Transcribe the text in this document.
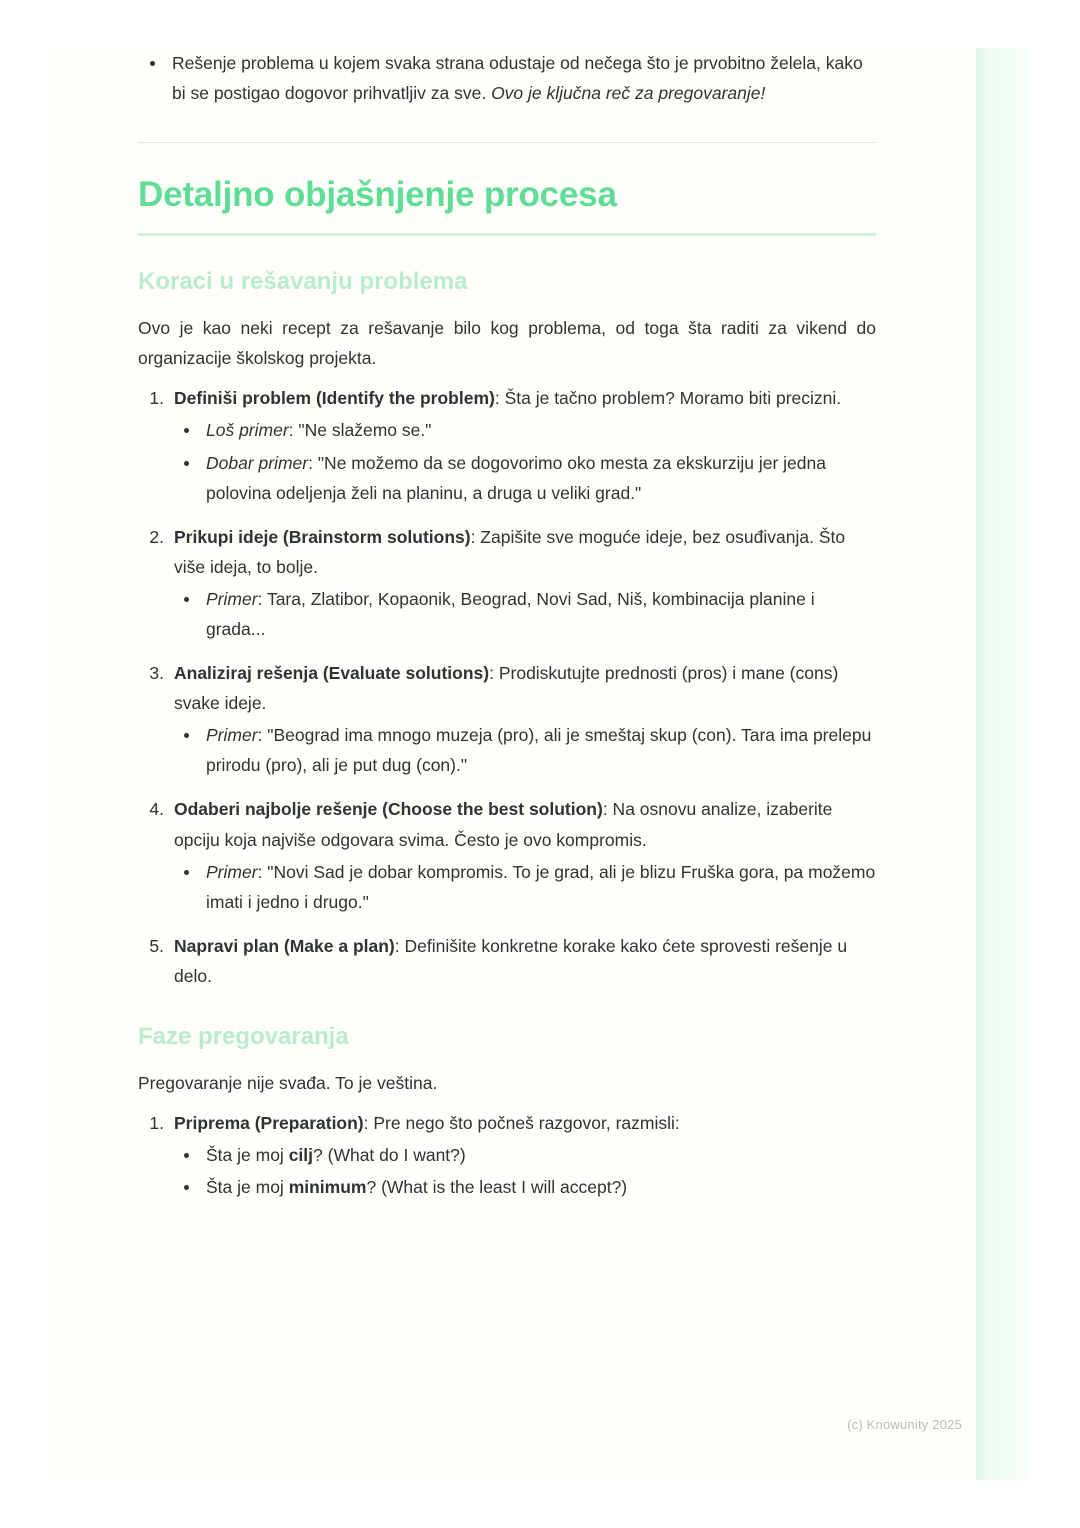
Rešenje problema u kojem svaka strana odustaje od nečega što je prvobitno želela, kako bi se postigao dogovor prihvatljiv za sve. Ovo je ključna reč za pregovaranje!
Detaljno objašnjenje procesa
Koraci u rešavanju problema

Ovo je kao neki recept za rešavanje bilo kog problema, od toga šta raditi za vikend do organizacije školskog projekta.

Definiši problem (Identify the problem): Šta je tačno problem? Moramo biti precizni.
Loš primer: "Ne slažemo se."
Dobar primer: "Ne možemo da se dogovorimo oko mesta za ekskurziju jer jedna polovina odeljenja želi na planinu, a druga u veliki grad."
Prikupi ideje (Brainstorm solutions): Zapišite sve moguće ideje, bez osuđivanja. Što više ideja, to bolje.
Primer: Tara, Zlatibor, Kopaonik, Beograd, Novi Sad, Niš, kombinacija planine i grada...
Analiziraj rešenja (Evaluate solutions): Prodiskutujte prednosti (pros) i mane (cons) svake ideje.
Primer: "Beograd ima mnogo muzeja (pro), ali je smeštaj skup (con). Tara ima prelepu prirodu (pro), ali je put dug (con)."
Odaberi najbolje rešenje (Choose the best solution): Na osnovu analize, izaberite opciju koja najviše odgovara svima. Često je ovo kompromis.
Primer: "Novi Sad je dobar kompromis. To je grad, ali je blizu Fruška gora, pa možemo imati i jedno i drugo."
Napravi plan (Make a plan): Definišite konkretne korake kako ćete sprovesti rešenje u delo.
Faze pregovaranja

Pregovaranje nije svađa. To je veština.

Priprema (Preparation): Pre nego što počneš razgovor, razmisli:
Šta je moj cilj? (What do I want?)
Šta je moj minimum? (What is the least I will accept?)
(c) Knowunity 2025
